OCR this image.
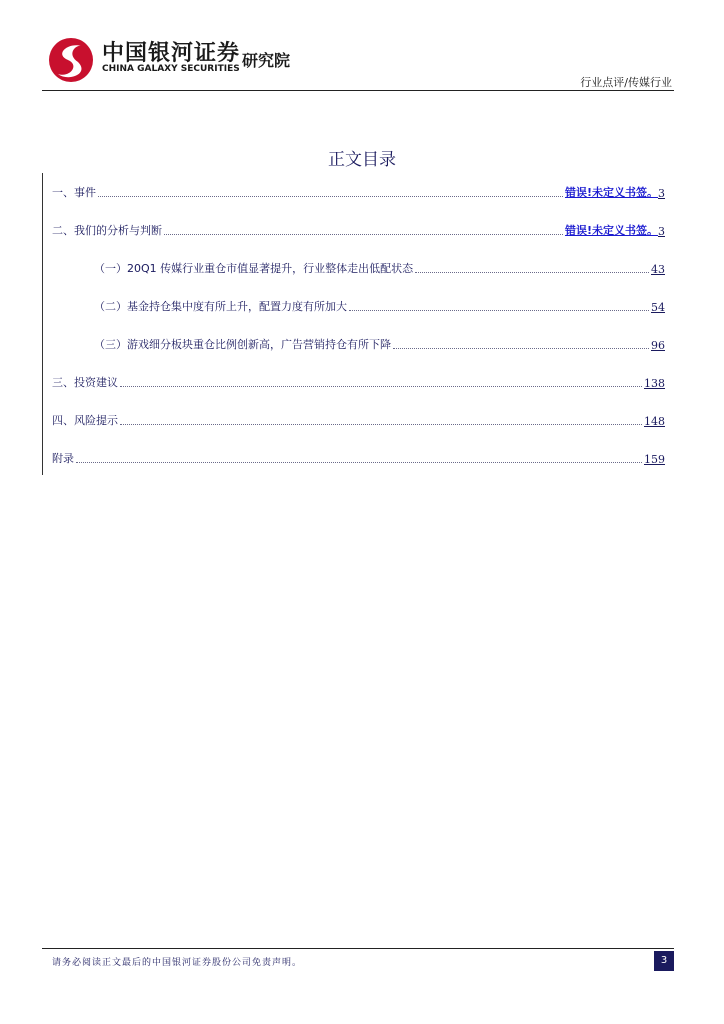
中国银河证券
CHINA GALAXY SECURITIES 研究院
行业点评/传媒行业
正文目录
一、事件	错误!未定义书签。 3
二、我们的分析与判断	错误!未定义书签。 3
（一）20Q1 传媒行业重仓市值显著提升，行业整体走出低配状态	43
（二）基金持仓集中度有所上升，配置力度有所加大	54
（三）游戏细分板块重仓比例创新高，广告营销持仓有所下降	96
三、投资建议	138
四、风险提示	148
附录	159
请务必阅读正文最后的中国银河证券股份公司免责声明。	3
